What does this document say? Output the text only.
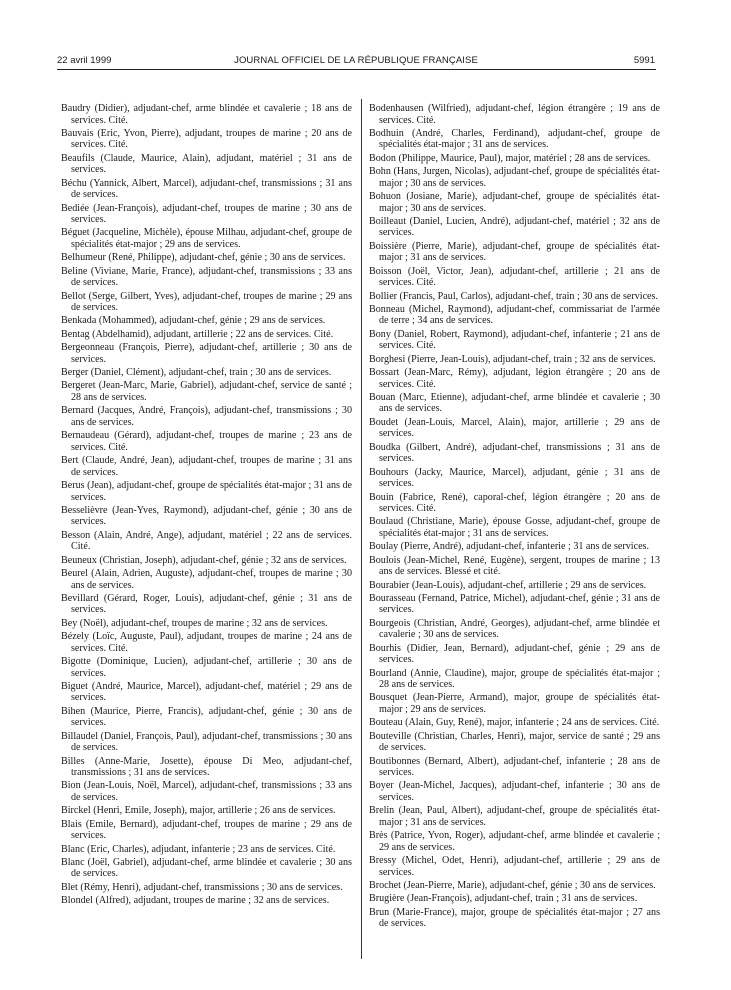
22 avril 1999	JOURNAL OFFICIEL DE LA RÉPUBLIQUE FRANÇAISE	5991

Baudry (Didier), adjudant-chef, arme blindée et cavalerie ; 18 ans de services. Cité.

Bauvais (Eric, Yvon, Pierre), adjudant, troupes de marine ; 20 ans de services. Cité.

Beaufils (Claude, Maurice, Alain), adjudant, matériel ; 31 ans de services.

Béchu (Yannick, Albert, Marcel), adjudant-chef, transmissions ; 31 ans de services.

Bediée (Jean-François), adjudant-chef, troupes de marine ; 30 ans de services.

Béguet (Jacqueline, Michèle), épouse Milhau, adjudant-chef, groupe de spécialités état-major ; 29 ans de services.

Belhumeur (René, Philippe), adjudant-chef, génie ; 30 ans de services.

Beline (Viviane, Marie, France), adjudant-chef, transmissions ; 33 ans de services.

Bellot (Serge, Gilbert, Yves), adjudant-chef, troupes de marine ; 29 ans de services.

Benkada (Mohammed), adjudant-chef, génie ; 29 ans de services.

Bentag (Abdelhamid), adjudant, artillerie ; 22 ans de services. Cité.

Bergeonneau (François, Pierre), adjudant-chef, artillerie ; 30 ans de services.

Berger (Daniel, Clément), adjudant-chef, train ; 30 ans de services.

Bergeret (Jean-Marc, Marie, Gabriel), adjudant-chef, service de santé ; 28 ans de services.

Bernard (Jacques, André, François), adjudant-chef, transmissions ; 30 ans de services.

Bernaudeau (Gérard), adjudant-chef, troupes de marine ; 23 ans de services. Cité.

Bert (Claude, André, Jean), adjudant-chef, troupes de marine ; 31 ans de services.

Berus (Jean), adjudant-chef, groupe de spécialités état-major ; 31 ans de services.

Besselièvre (Jean-Yves, Raymond), adjudant-chef, génie ; 30 ans de services.

Besson (Alain, André, Ange), adjudant, matériel ; 22 ans de services. Cité.

Beuneux (Christian, Joseph), adjudant-chef, génie ; 32 ans de services.

Beurel (Alain, Adrien, Auguste), adjudant-chef, troupes de marine ; 30 ans de services.

Bevillard (Gérard, Roger, Louis), adjudant-chef, génie ; 31 ans de services.

Bey (Noël), adjudant-chef, troupes de marine ; 32 ans de services.

Bézely (Loïc, Auguste, Paul), adjudant, troupes de marine ; 24 ans de services. Cité.

Bigotte (Dominique, Lucien), adjudant-chef, artillerie ; 30 ans de services.

Biguet (André, Maurice, Marcel), adjudant-chef, matériel ; 29 ans de services.

Bihen (Maurice, Pierre, Francis), adjudant-chef, génie ; 30 ans de services.

Billaudel (Daniel, François, Paul), adjudant-chef, transmissions ; 30 ans de services.

Billes (Anne-Marie, Josette), épouse Di Meo, adjudant-chef, transmissions ; 31 ans de services.

Bion (Jean-Louis, Noël, Marcel), adjudant-chef, transmissions ; 33 ans de services.

Birckel (Henri, Emile, Joseph), major, artillerie ; 26 ans de services.

Blais (Emile, Bernard), adjudant-chef, troupes de marine ; 29 ans de services.

Blanc (Eric, Charles), adjudant, infanterie ; 23 ans de services. Cité.

Blanc (Joël, Gabriel), adjudant-chef, arme blindée et cavalerie ; 30 ans de services.

Blet (Rémy, Henri), adjudant-chef, transmissions ; 30 ans de services.

Blondel (Alfred), adjudant, troupes de marine ; 32 ans de services.

Bodenhausen (Wilfried), adjudant-chef, légion étrangère ; 19 ans de services. Cité.

Bodhuin (André, Charles, Ferdinand), adjudant-chef, groupe de spécialités état-major ; 31 ans de services.

Bodon (Philippe, Maurice, Paul), major, matériel ; 28 ans de services.

Bohn (Hans, Jurgen, Nicolas), adjudant-chef, groupe de spécialités état-major ; 30 ans de services.

Bohuon (Josiane, Marie), adjudant-chef, groupe de spécialités état-major ; 30 ans de services.

Boilleaut (Daniel, Lucien, André), adjudant-chef, matériel ; 32 ans de services.

Boissière (Pierre, Marie), adjudant-chef, groupe de spécialités état-major ; 31 ans de services.

Boisson (Joël, Victor, Jean), adjudant-chef, artillerie ; 21 ans de services. Cité.

Bollier (Francis, Paul, Carlos), adjudant-chef, train ; 30 ans de services.

Bonneau (Michel, Raymond), adjudant-chef, commissariat de l'armée de terre ; 34 ans de services.

Bony (Daniel, Robert, Raymond), adjudant-chef, infanterie ; 21 ans de services. Cité.

Borghesi (Pierre, Jean-Louis), adjudant-chef, train ; 32 ans de services.

Bossart (Jean-Marc, Rémy), adjudant, légion étrangère ; 20 ans de services. Cité.

Bouan (Marc, Etienne), adjudant-chef, arme blindée et cavalerie ; 30 ans de services.

Boudet (Jean-Louis, Marcel, Alain), major, artillerie ; 29 ans de services.

Boudka (Gilbert, André), adjudant-chef, transmissions ; 31 ans de services.

Bouhours (Jacky, Maurice, Marcel), adjudant, génie ; 31 ans de services.

Bouin (Fabrice, René), caporal-chef, légion étrangère ; 20 ans de services. Cité.

Boulaud (Christiane, Marie), épouse Gosse, adjudant-chef, groupe de spécialités état-major ; 31 ans de services.

Boulay (Pierre, André), adjudant-chef, infanterie ; 31 ans de services.

Boulois (Jean-Michel, René, Eugène), sergent, troupes de marine ; 13 ans de services. Blessé et cité.

Bourabier (Jean-Louis), adjudant-chef, artillerie ; 29 ans de services.

Bourasseau (Fernand, Patrice, Michel), adjudant-chef, génie ; 31 ans de services.

Bourgeois (Christian, André, Georges), adjudant-chef, arme blindée et cavalerie ; 30 ans de services.

Bourhis (Didier, Jean, Bernard), adjudant-chef, génie ; 29 ans de services.

Bourland (Annie, Claudine), major, groupe de spécialités état-major ; 28 ans de services.

Bousquet (Jean-Pierre, Armand), major, groupe de spécialités état-major ; 29 ans de services.

Bouteau (Alain, Guy, René), major, infanterie ; 24 ans de services. Cité.

Bouteville (Christian, Charles, Henri), major, service de santé ; 29 ans de services.

Boutibonnes (Bernard, Albert), adjudant-chef, infanterie ; 28 ans de services.

Boyer (Jean-Michel, Jacques), adjudant-chef, infanterie ; 30 ans de services.

Brelin (Jean, Paul, Albert), adjudant-chef, groupe de spécialités état-major ; 31 ans de services.

Brès (Patrice, Yvon, Roger), adjudant-chef, arme blindée et cavalerie ; 29 ans de services.

Bressy (Michel, Odet, Henri), adjudant-chef, artillerie ; 29 ans de services.

Brochet (Jean-Pierre, Marie), adjudant-chef, génie ; 30 ans de services.

Brugière (Jean-François), adjudant-chef, train ; 31 ans de services.

Brun (Marie-France), major, groupe de spécialités état-major ; 27 ans de services.
